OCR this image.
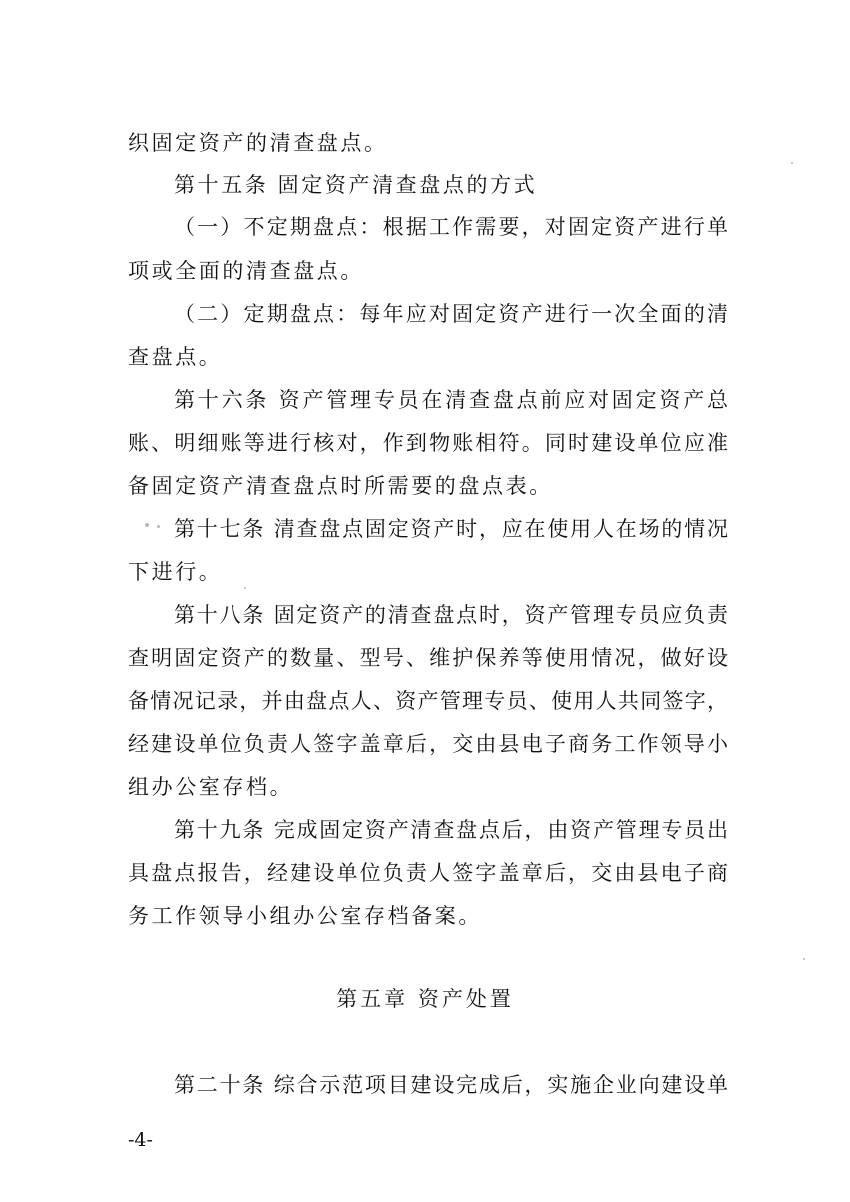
织固定资产的清查盘点。
第十五条 固定资产清查盘点的方式
（一）不定期盘点：根据工作需要，对固定资产进行单
项或全面的清查盘点。
（二）定期盘点：每年应对固定资产进行一次全面的清
查盘点。
第十六条 资产管理专员在清查盘点前应对固定资产总
账、明细账等进行核对，作到物账相符。同时建设单位应准
备固定资产清查盘点时所需要的盘点表。
第十七条 清查盘点固定资产时，应在使用人在场的情况
下进行。
第十八条 固定资产的清查盘点时，资产管理专员应负责
查明固定资产的数量、型号、维护保养等使用情况，做好设
备情况记录，并由盘点人、资产管理专员、使用人共同签字，
经建设单位负责人签字盖章后，交由县电子商务工作领导小
组办公室存档。
第十九条 完成固定资产清查盘点后，由资产管理专员出
具盘点报告，经建设单位负责人签字盖章后，交由县电子商
务工作领导小组办公室存档备案。
第五章 资产处置
第二十条 综合示范项目建设完成后，实施企业向建设单
-4-
